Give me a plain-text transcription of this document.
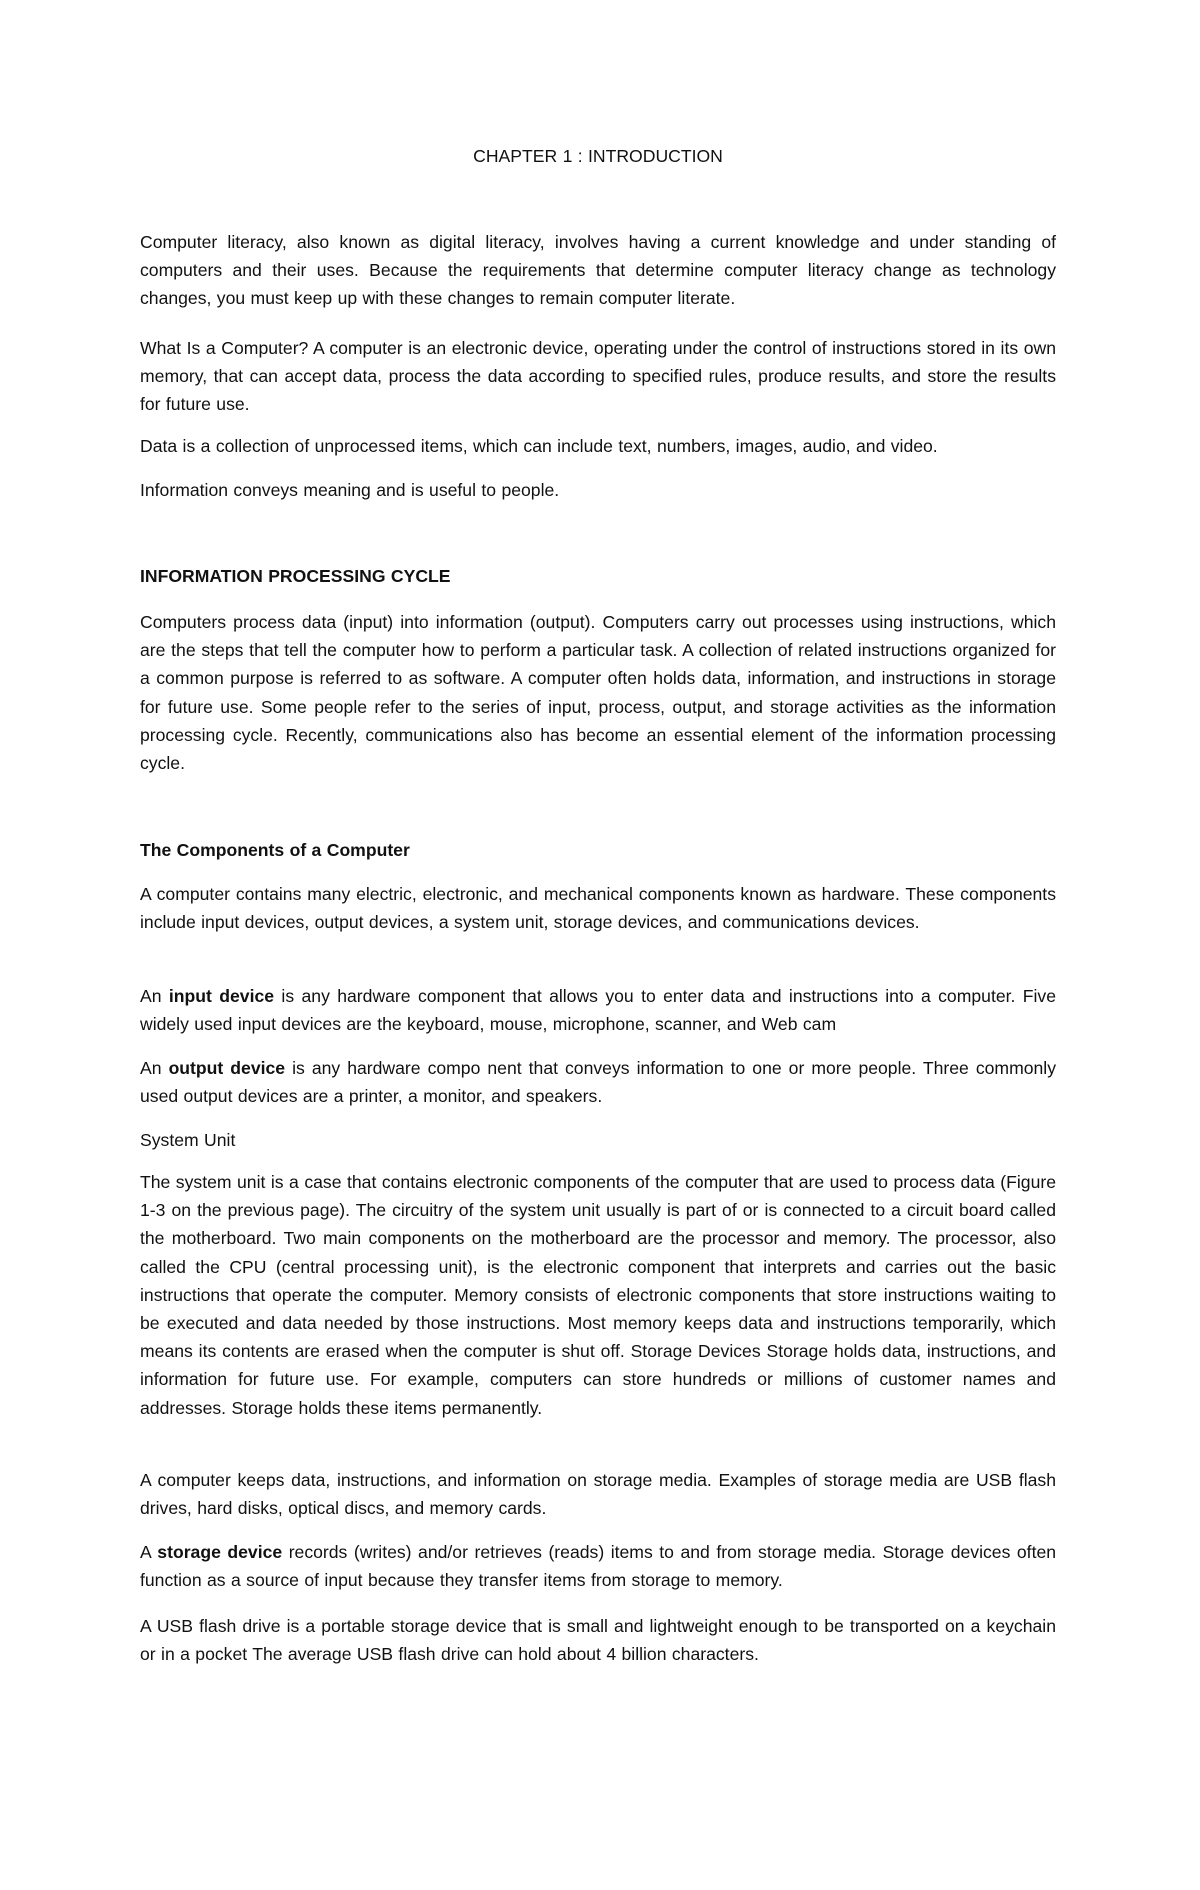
CHAPTER 1 : INTRODUCTION

Computer literacy, also known as digital literacy, involves having a current knowledge and under standing of computers and their uses. Because the requirements that determine computer literacy change as technology changes, you must keep up with these changes to remain computer literate.

What Is a Computer? A computer is an electronic device, operating under the control of instructions stored in its own memory, that can accept data, process the data according to specified rules, produce results, and store the results for future use.

Data is a collection of unprocessed items, which can include text, numbers, images, audio, and video.

Information conveys meaning and is useful to people.

INFORMATION PROCESSING CYCLE

Computers process data (input) into information (output). Computers carry out processes using instructions, which are the steps that tell the computer how to perform a particular task. A collection of related instructions organized for a common purpose is referred to as software. A computer often holds data, information, and instructions in storage for future use. Some people refer to the series of input, process, output, and storage activities as the information processing cycle. Recently, communications also has become an essential element of the information processing cycle.

The Components of a Computer

A computer contains many electric, electronic, and mechanical components known as hardware. These components include input devices, output devices, a system unit, storage devices, and communications devices.

An input device is any hardware component that allows you to enter data and instructions into a computer. Five widely used input devices are the keyboard, mouse, microphone, scanner, and Web cam

An output device is any hardware compo nent that conveys information to one or more people. Three commonly used output devices are a printer, a monitor, and speakers.

System Unit

The system unit is a case that contains electronic components of the computer that are used to process data (Figure 1-3 on the previous page). The circuitry of the system unit usually is part of or is connected to a circuit board called the motherboard. Two main components on the motherboard are the processor and memory. The processor, also called the CPU (central processing unit), is the electronic component that interprets and carries out the basic instructions that operate the computer. Memory consists of electronic components that store instructions waiting to be executed and data needed by those instructions. Most memory keeps data and instructions temporarily, which means its contents are erased when the computer is shut off. Storage Devices Storage holds data, instructions, and information for future use. For example, computers can store hundreds or millions of customer names and addresses. Storage holds these items permanently.

A computer keeps data, instructions, and information on storage media. Examples of storage media are USB flash drives, hard disks, optical discs, and memory cards.

A storage device records (writes) and/or retrieves (reads) items to and from storage media. Storage devices often function as a source of input because they transfer items from storage to memory.

A USB flash drive is a portable storage device that is small and lightweight enough to be transported on a keychain or in a pocket The average USB flash drive can hold about 4 billion characters.
